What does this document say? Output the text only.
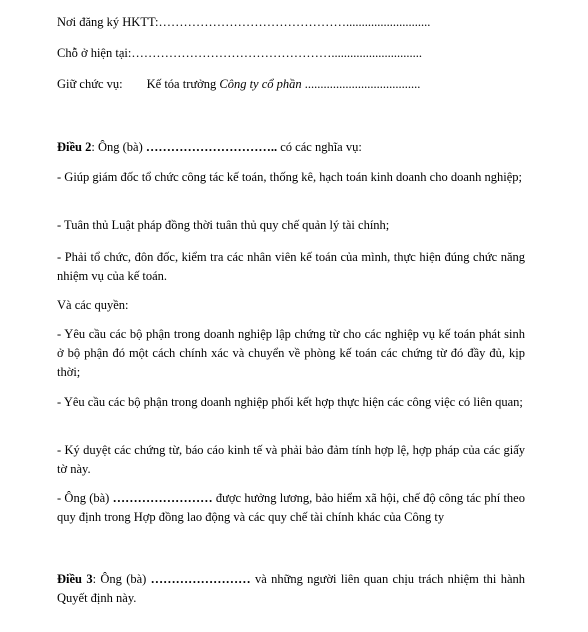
Nơi đăng ký HKTT:………………………………………...........................
Chỗ ở hiện tại:………………………………………….............................
Giữ chức vụ: Kế tóa trưởng Công ty cổ phần .....................................
Điều 2: Ông (bà) ………………………….. có các nghĩa vụ:
- Giúp giám đốc tổ chức công tác kế toán, thống kê, hạch toán kinh doanh cho doanh nghiệp;
- Tuân thủ Luật pháp đồng thời tuân thủ quy chế quản lý tài chính;
- Phải tổ chức, đôn đốc, kiểm tra các nhân viên kế toán của mình, thực hiện đúng chức năng nhiệm vụ của kế toán.
Và các quyền:
- Yêu cầu các bộ phận trong doanh nghiệp lập chứng từ cho các nghiệp vụ kế toán phát sinh ở bộ phận đó một cách chính xác và chuyển về phòng kế toán các chứng từ đó đầy đủ, kịp thời;
- Yêu cầu các bộ phận trong doanh nghiệp phối kết hợp thực hiện các công việc có liên quan;
- Ký duyệt các chứng từ, báo cáo kinh tế và phải bảo đảm tính hợp lệ, hợp pháp của các giấy tờ này.
- Ông (bà) …………………… được hưởng lương, bảo hiểm xã hội, chế độ công tác phí theo quy định trong Hợp đồng lao động và các quy chế tài chính khác của Công ty
Điều 3: Ông (bà) …………………… và những người liên quan chịu trách nhiệm thi hành Quyết định này.
